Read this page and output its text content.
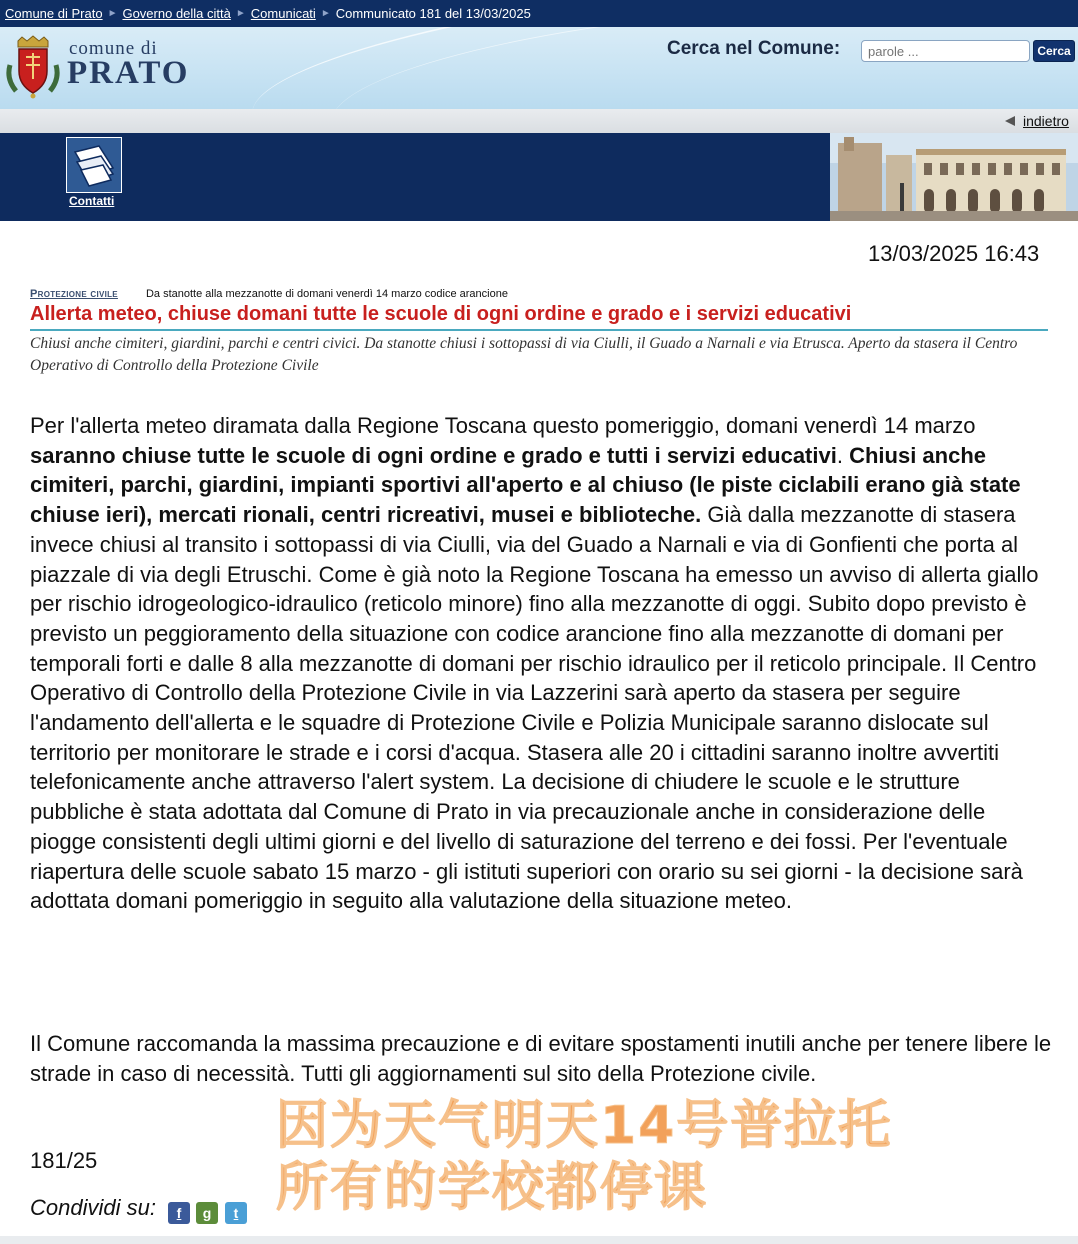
Comune di Prato ► Governo della città ► Comunicati ► Communicato 181 del 13/03/2025
comune di
PRATO
Cerca nel Comune:
parole ...	Cerca
indietro
Contatti
13/03/2025 16:43
Protezione civile	Da stanotte alla mezzanotte di domani venerdì 14 marzo codice arancione
Allerta meteo, chiuse domani tutte le scuole di ogni ordine e grado e i servizi educativi
Chiusi anche cimiteri, giardini, parchi e centri civici. Da stanotte chiusi i sottopassi di via Ciulli, il Guado a Narnali e via Etrusca. Aperto da stasera il Centro Operativo di Controllo della Protezione Civile
Per l'allerta meteo diramata dalla Regione Toscana questo pomeriggio, domani venerdì 14 marzo saranno chiuse tutte le scuole di ogni ordine e grado e tutti i servizi educativi. Chiusi anche cimiteri, parchi, giardini, impianti sportivi all'aperto e al chiuso (le piste ciclabili erano già state chiuse ieri), mercati rionali, centri ricreativi, musei e biblioteche. Già dalla mezzanotte di stasera invece chiusi al transito i sottopassi di via Ciulli, via del Guado a Narnali e via di Gonfienti che porta al piazzale di via degli Etruschi. Come è già noto la Regione Toscana ha emesso un avviso di allerta giallo per rischio idrogeologico-idraulico (reticolo minore) fino alla mezzanotte di oggi. Subito dopo previsto è previsto un peggioramento della situazione con codice arancione fino alla mezzanotte di domani per temporali forti e dalle 8 alla mezzanotte di domani per rischio idraulico per il reticolo principale. Il Centro Operativo di Controllo della Protezione Civile in via Lazzerini sarà aperto da stasera per seguire l'andamento dell'allerta e le squadre di Protezione Civile e Polizia Municipale saranno dislocate sul territorio per monitorare le strade e i corsi d'acqua. Stasera alle 20 i cittadini saranno inoltre avvertiti telefonicamente anche attraverso l'alert system. La decisione di chiudere le scuole e le strutture pubbliche è stata adottata dal Comune di Prato in via precauzionale anche in considerazione delle piogge consistenti degli ultimi giorni e del livello di saturazione del terreno e dei fossi. Per l'eventuale riapertura delle scuole sabato 15 marzo - gli istituti superiori con orario su sei giorni - la decisione sarà adottata domani pomeriggio in seguito alla valutazione della situazione meteo.
Il Comune raccomanda la massima precauzione e di evitare spostamenti inutili anche per tenere libere le strade in caso di necessità. Tutti gli aggiornamenti sul sito della Protezione civile.
181/25
Condividi su:	f	g	t
因为天气明天14号普拉托
所有的学校都停课
